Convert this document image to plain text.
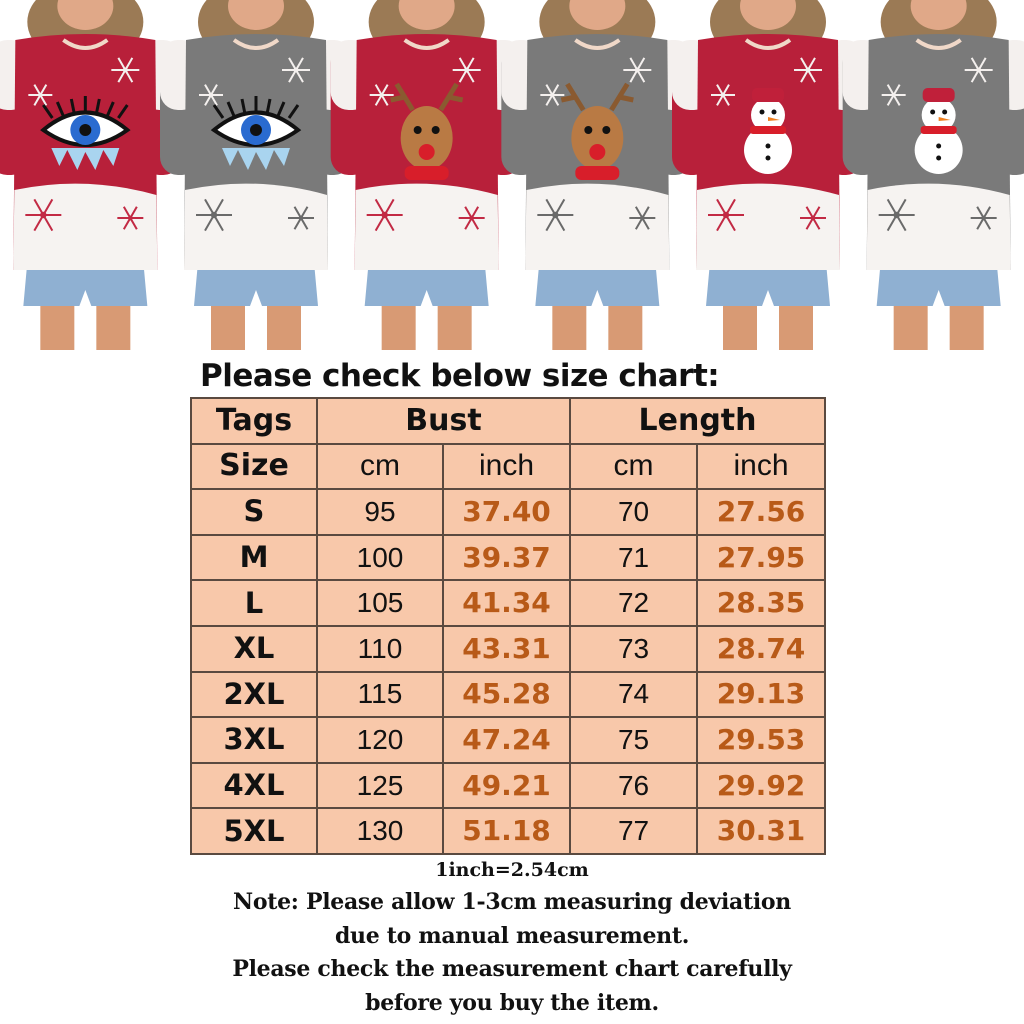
Please check below size chart:
Tags	Bust		Length	
Size	cm	inch	cm	inch
S	95	37.40	70	27.56
M	100	39.37	71	27.95
L	105	41.34	72	28.35
XL	110	43.31	73	28.74
2XL	115	45.28	74	29.13
3XL	120	47.24	75	29.53
4XL	125	49.21	76	29.92
5XL	130	51.18	77	30.31
1inch=2.54cm
Note: Please allow 1-3cm measuring deviation
due to manual measurement.
Please check the measurement chart carefully
before you buy the item.
